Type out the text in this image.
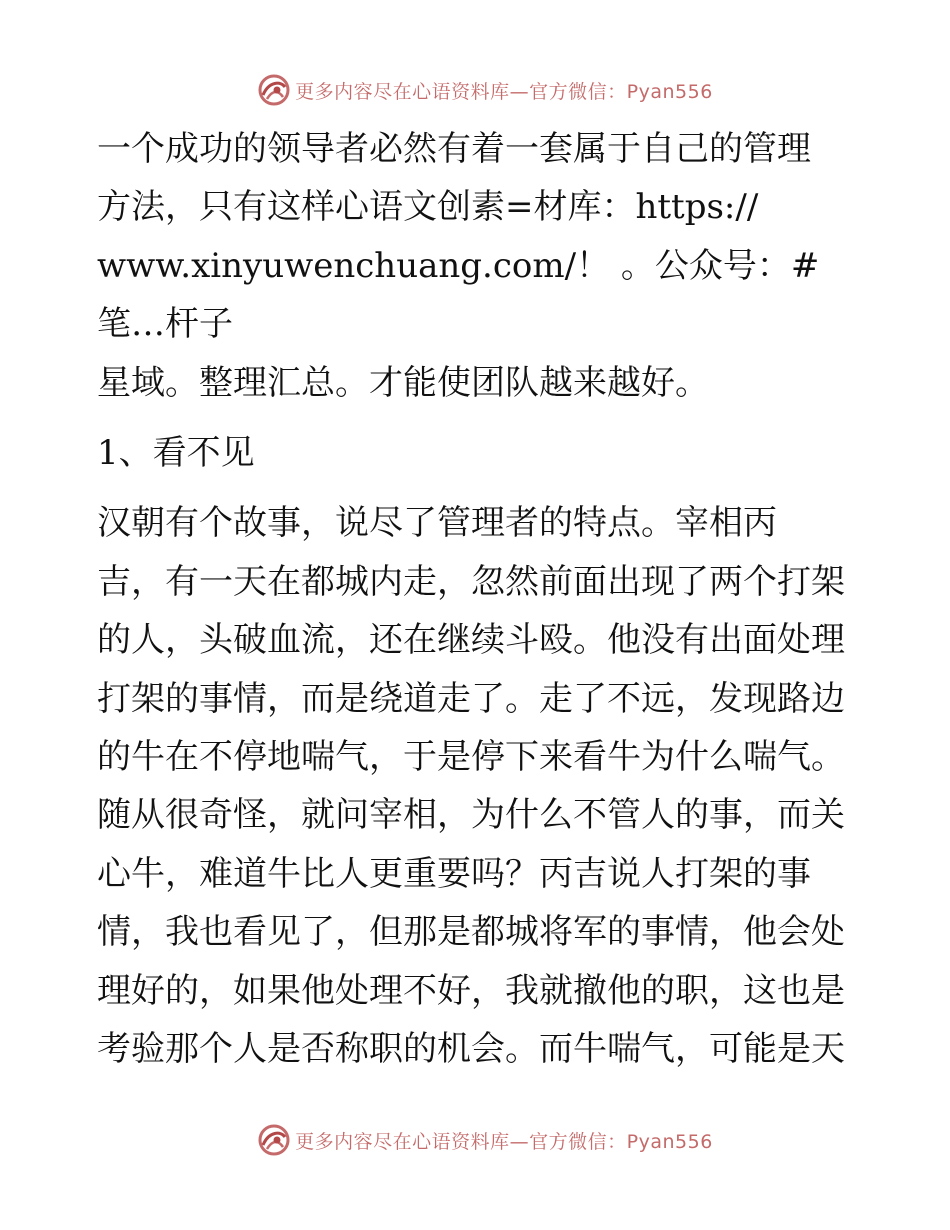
更多内容尽在心语资料库—官方微信：Pyan556

一个成功的领导者必然有着一套属于自己的管理
方法，只有这样心语文创素=材库：https://
www.xinyuwenchuang.com/！ 。公众号：#笔…杆子
星域。整理汇总。才能使团队越来越好。

1、看不见

汉朝有个故事，说尽了管理者的特点。宰相丙
吉，有一天在都城内走，忽然前面出现了两个打架
的人，头破血流，还在继续斗殴。他没有出面处理
打架的事情，而是绕道走了。走了不远，发现路边
的牛在不停地喘气，于是停下来看牛为什么喘气。
随从很奇怪，就问宰相，为什么不管人的事，而关
心牛，难道牛比人更重要吗？丙吉说人打架的事
情，我也看见了，但那是都城将军的事情，他会处
理好的，如果他处理不好，我就撤他的职，这也是
考验那个人是否称职的机会。而牛喘气，可能是天

更多内容尽在心语资料库—官方微信：Pyan556
